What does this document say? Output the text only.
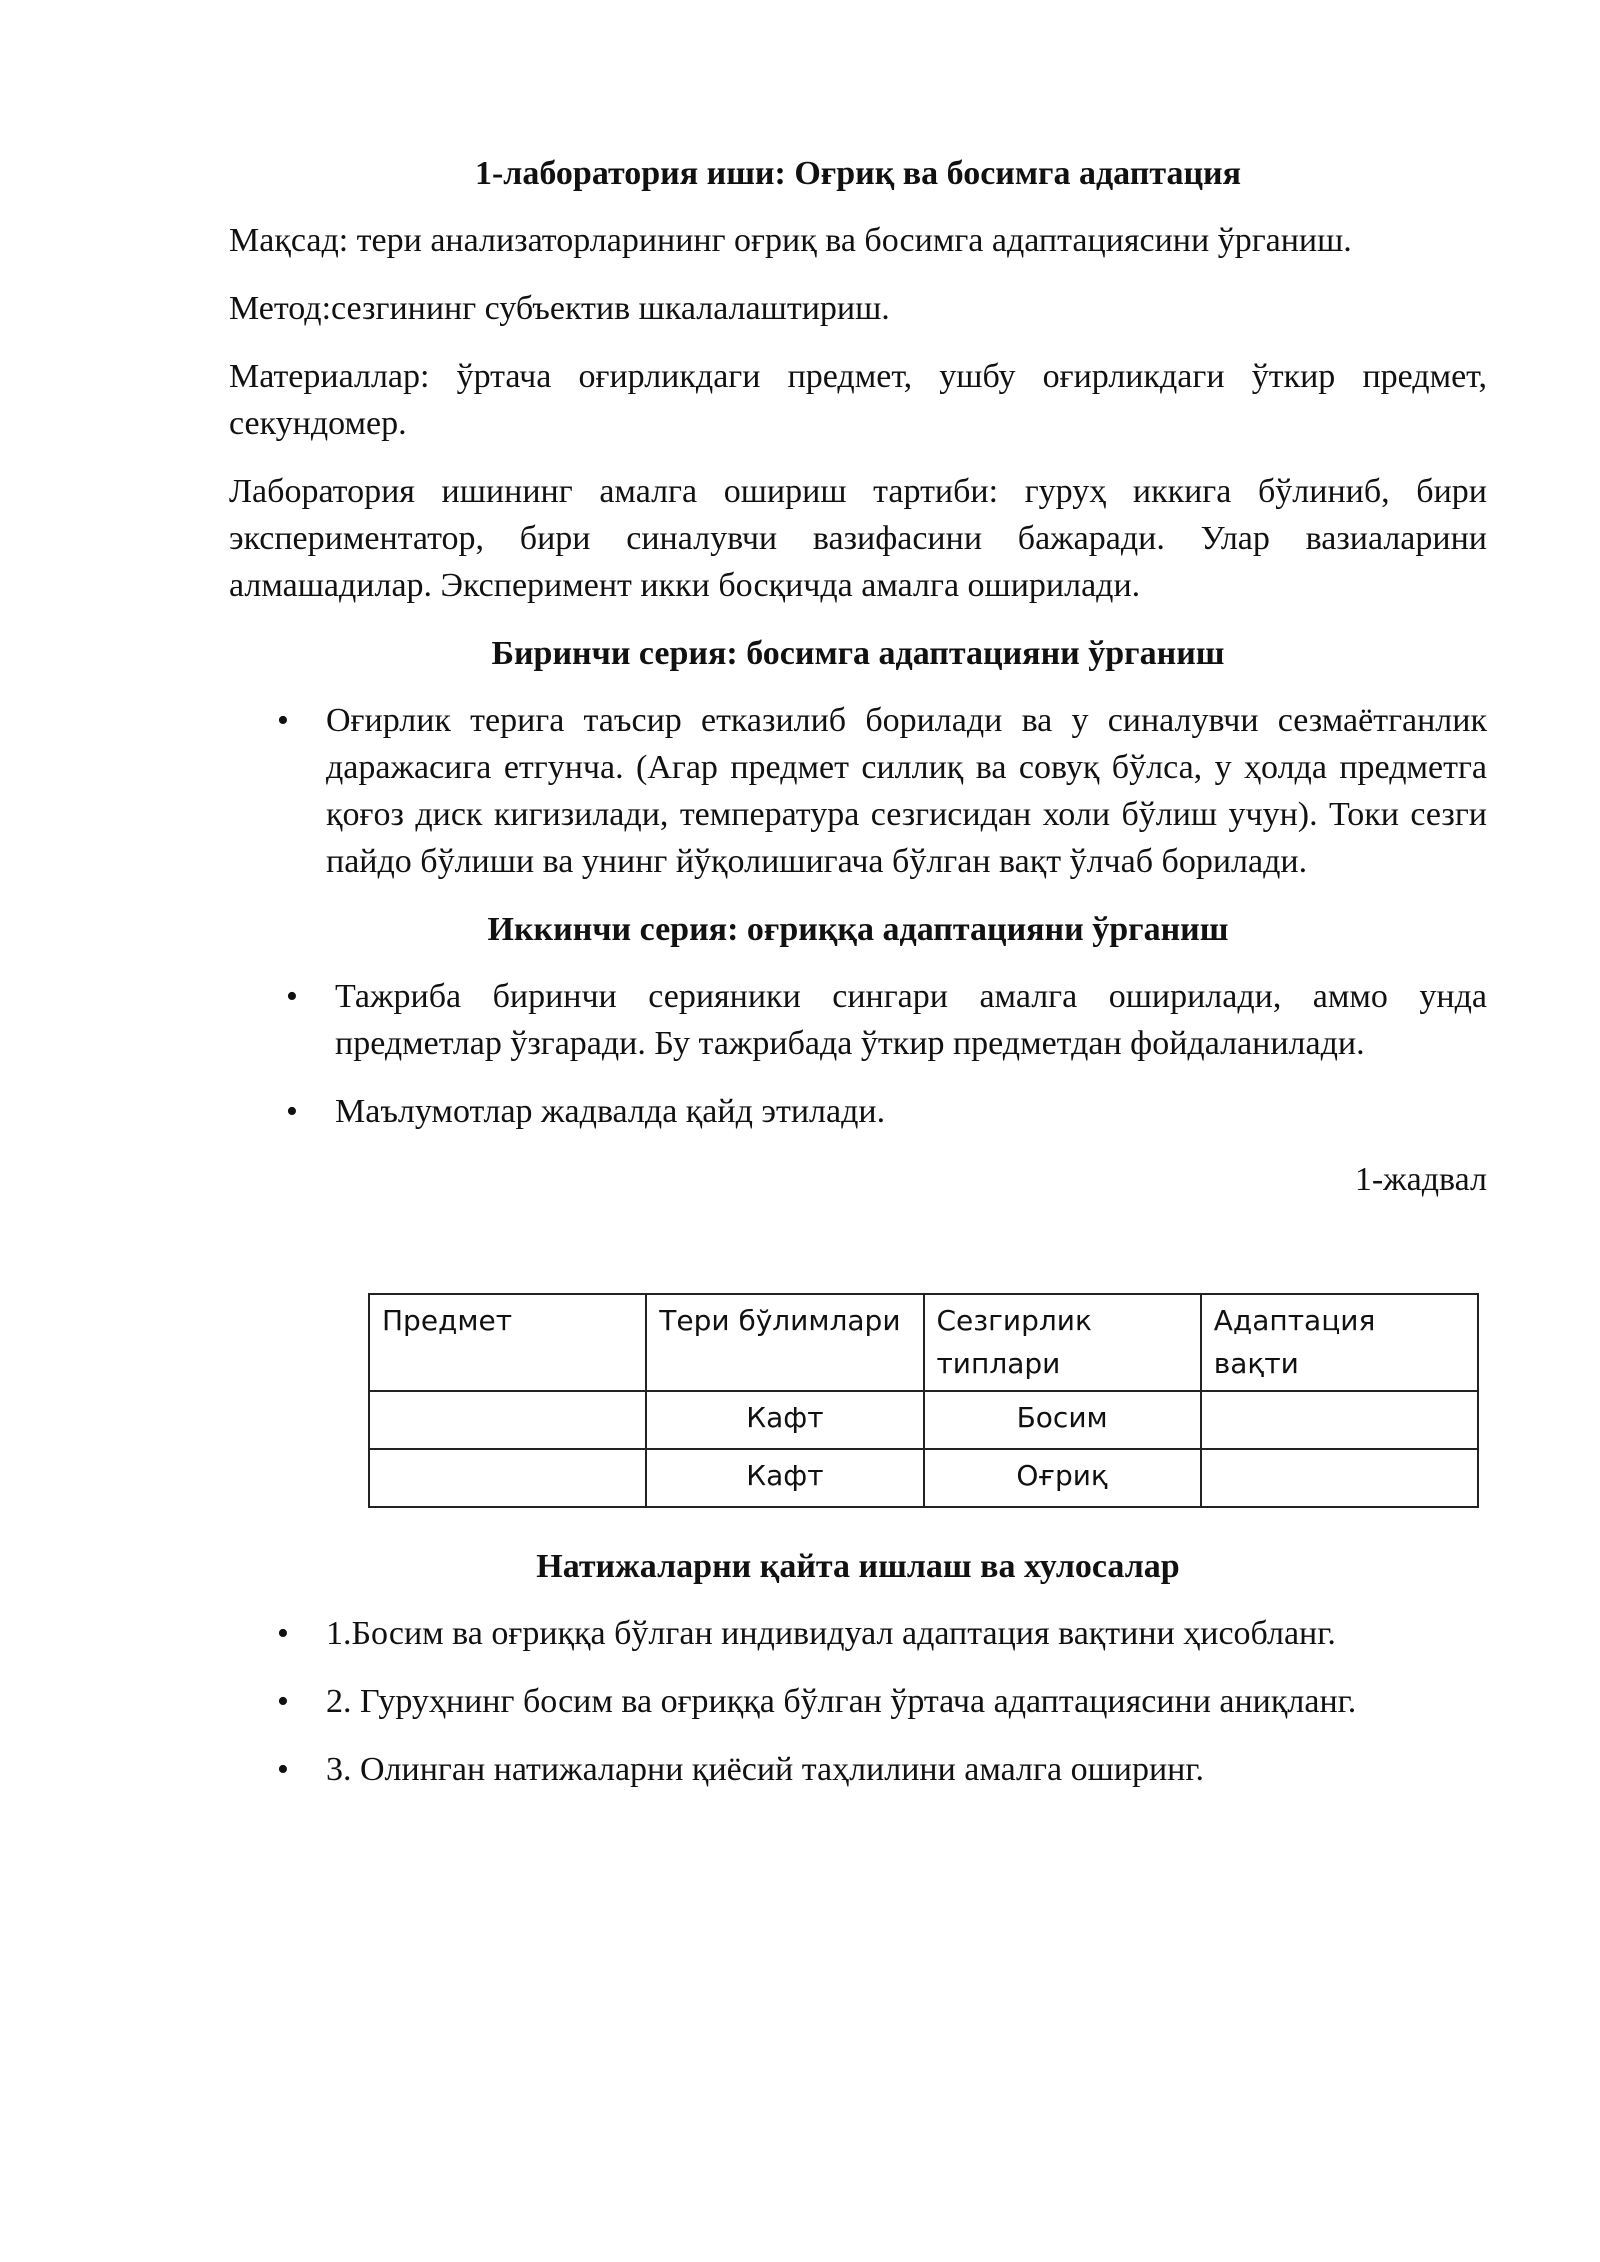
1-лаборатория иши: Оғриқ ва босимга адаптация

Мақсад: тери анализаторларининг оғриқ ва босимга адаптациясини ўрганиш.

Метод:сезгининг субъектив шкалалаштириш.

Материаллар: ўртача оғирликдаги предмет, ушбу оғирликдаги ўткир предмет, секундомер.

Лаборатория ишининг амалга ошириш тартиби: гуруҳ иккига бўлиниб, бири экспериментатор, бири синалувчи вазифасини бажаради. Улар вазиаларини алмашадилар. Эксперимент икки босқичда амалга оширилади.

Биринчи серия: босимга адаптацияни ўрганиш

• Оғирлик терига таъсир етказилиб борилади ва у синалувчи сезмаётганлик даражасига етгунча. (Агар предмет силлиқ ва совуқ бўлса, у ҳолда предметга қоғоз диск кигизилади, температура сезгисидан холи бўлиш учун). Токи сезги пайдо бўлиши ва унинг йўқолишигача бўлган вақт ўлчаб борилади.

Иккинчи серия: оғриққа адаптацияни ўрганиш

• Тажриба биринчи серияники сингари амалга оширилади, аммо унда предметлар ўзгаради. Бу тажрибада ўткир предметдан фойдаланилади.
• Маълумотлар жадвалда қайд этилади.

1-жадвал

Предмет	Тери бўлимлари	Сезгирлик типлари	Адаптация вақти
	Кафт	Босим	
	Кафт	Оғриқ	

Натижаларни қайта ишлаш ва хулосалар

• 1.Босим ва оғриққа бўлган индивидуал адаптация вақтини ҳисобланг.
• 2. Гуруҳнинг босим ва оғриққа бўлган ўртача адаптациясини аниқланг.
• 3. Олинган натижаларни қиёсий таҳлилини амалга оширинг.
